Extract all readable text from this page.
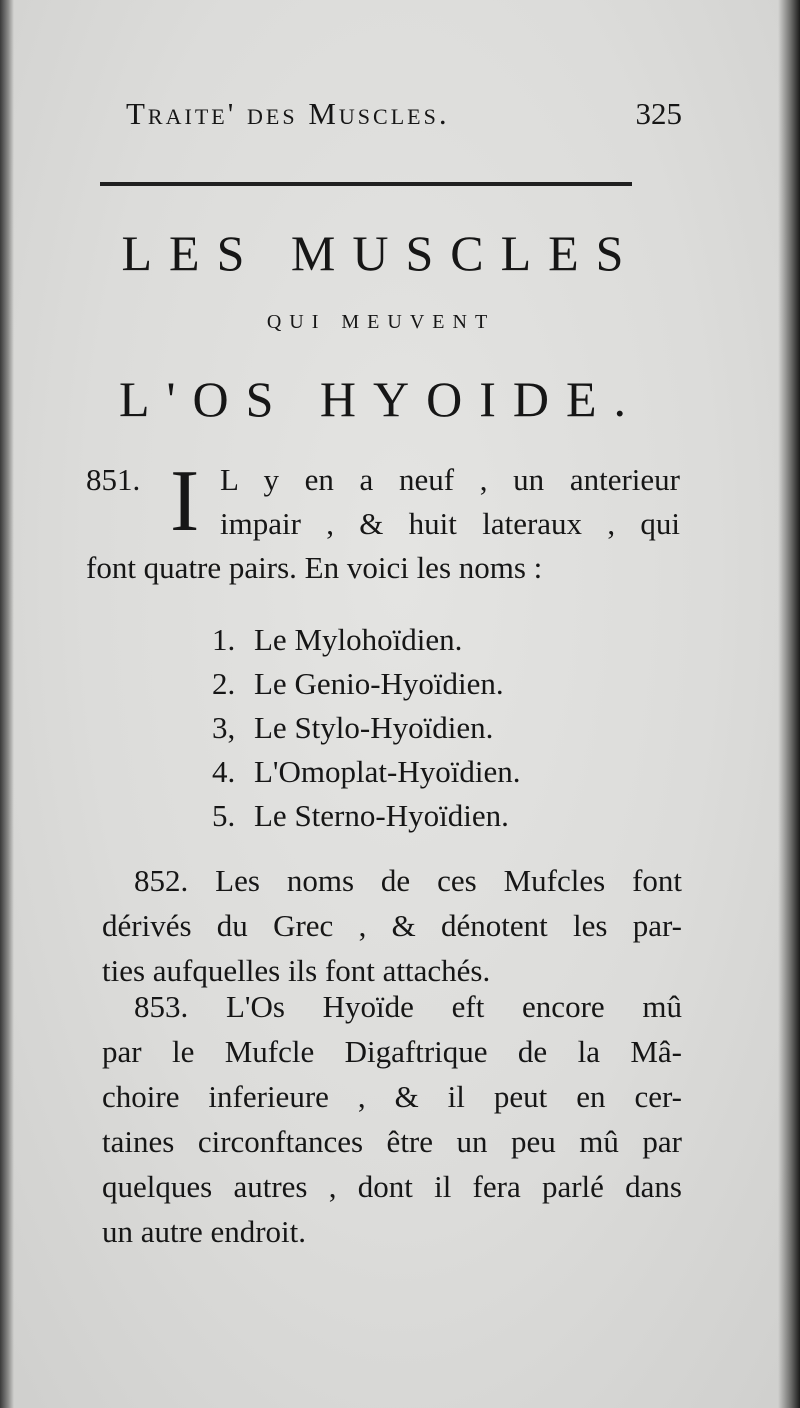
Traite' des Muscles.	325
LES MUSCLES
qui meuvent
L'OS HYOIDE.
851. I L y en a neuf , un anterieur
impair , & huit lateraux , qui
font quatre pairs. En voici les noms :
1. Le Mylohoïdien.
2. Le Genio-Hyoïdien.
3, Le Stylo-Hyoïdien.
4. L'Omoplat-Hyoïdien.
5. Le Sterno-Hyoïdien.
852. Les noms de ces Mufcles font
dérivés du Grec , & dénotent les par-
ties aufquelles ils font attachés.
853. L'Os Hyoïde eft encore mû
par le Mufcle Digaftrique de la Mâ-
choire inferieure , & il peut en cer-
taines circonftances être un peu mû par
quelques autres , dont il fera parlé dans
un autre endroit.
